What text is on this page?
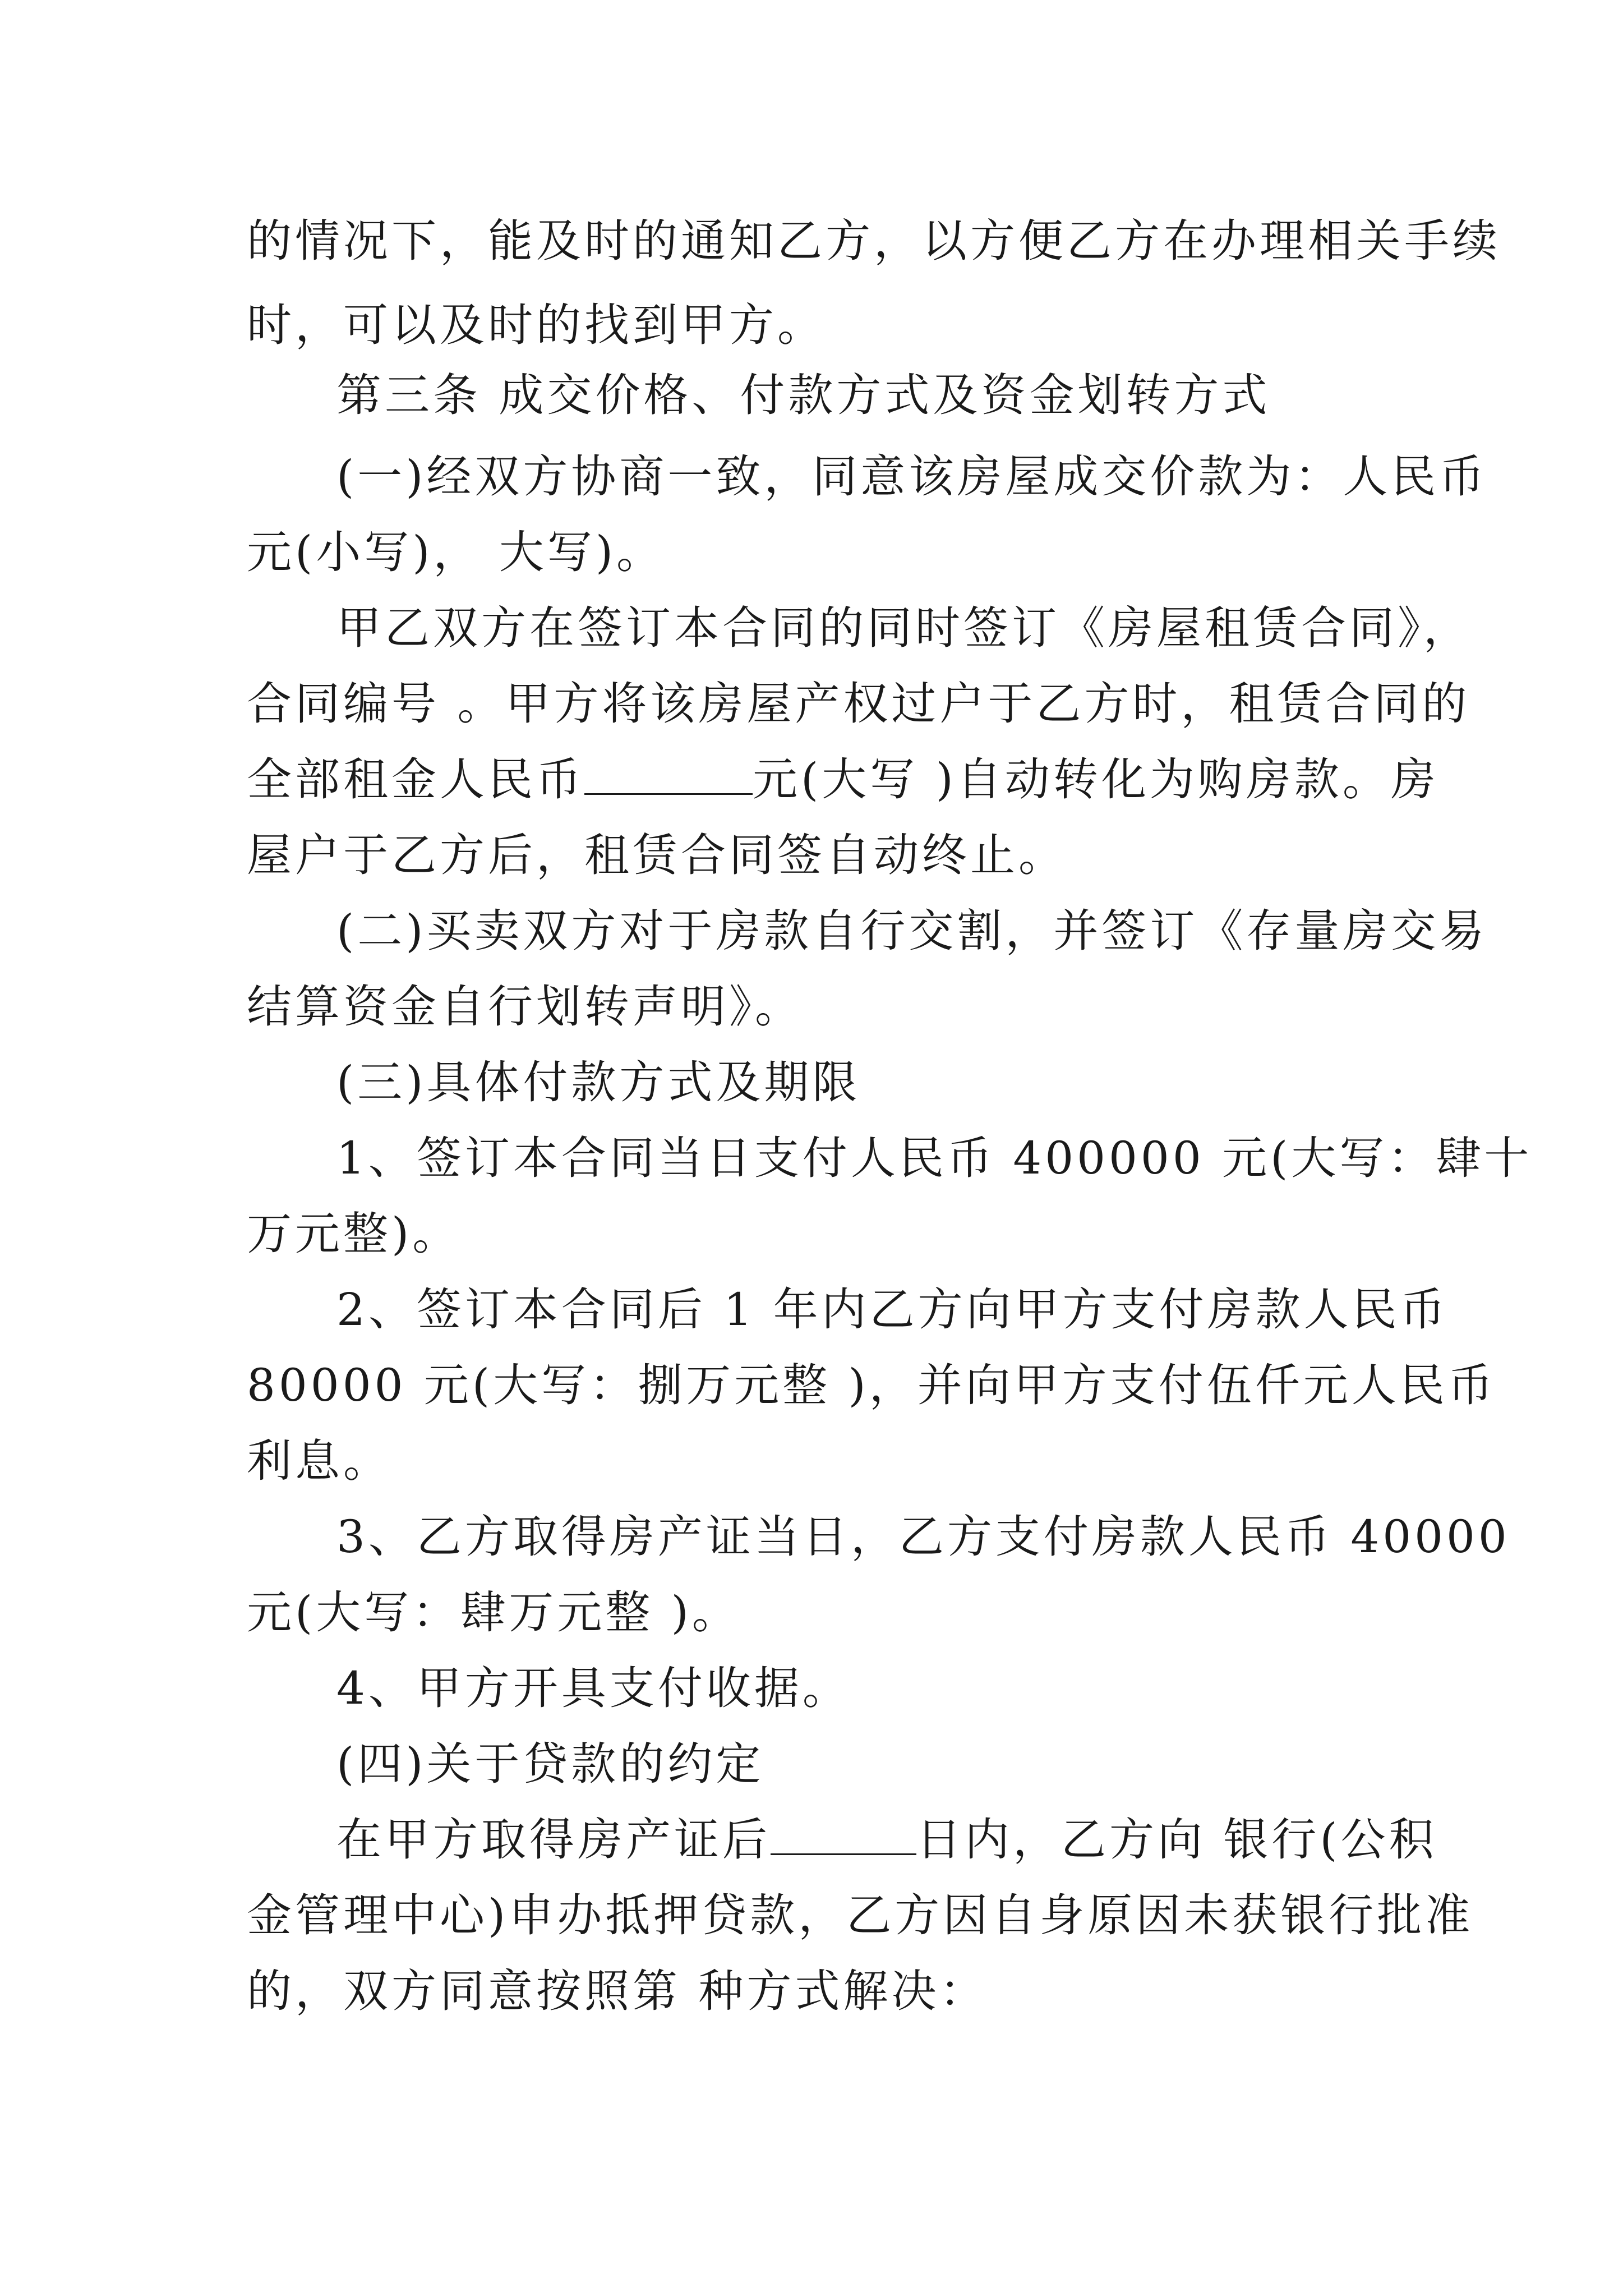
的情况下，能及时的通知乙方，以方便乙方在办理相关手续
时，可以及时的找到甲方。
第三条 成交价格、付款方式及资金划转方式
(一)经双方协商一致，同意该房屋成交价款为：人民币
元(小写)， 大写)。
甲乙双方在签订本合同的同时签订《房屋租赁合同》，
合同编号 。甲方将该房屋产权过户于乙方时，租赁合同的
全部租金人民币	元(大写 )自动转化为购房款。房
屋户于乙方后，租赁合同签自动终止。
(二)买卖双方对于房款自行交割，并签订《存量房交易
结算资金自行划转声明》。
(三)具体付款方式及期限
1、签订本合同当日支付人民币 400000 元(大写：肆十
万元整)。
2、签订本合同后 1 年内乙方向甲方支付房款人民币
80000 元(大写：捌万元整 )，并向甲方支付伍仟元人民币
利息。
3、乙方取得房产证当日，乙方支付房款人民币 40000
元(大写：肆万元整 )。
4、甲方开具支付收据。
(四)关于贷款的约定
在甲方取得房产证后	日内，乙方向 银行(公积
金管理中心)申办抵押贷款，乙方因自身原因未获银行批准
的，双方同意按照第 种方式解决：
